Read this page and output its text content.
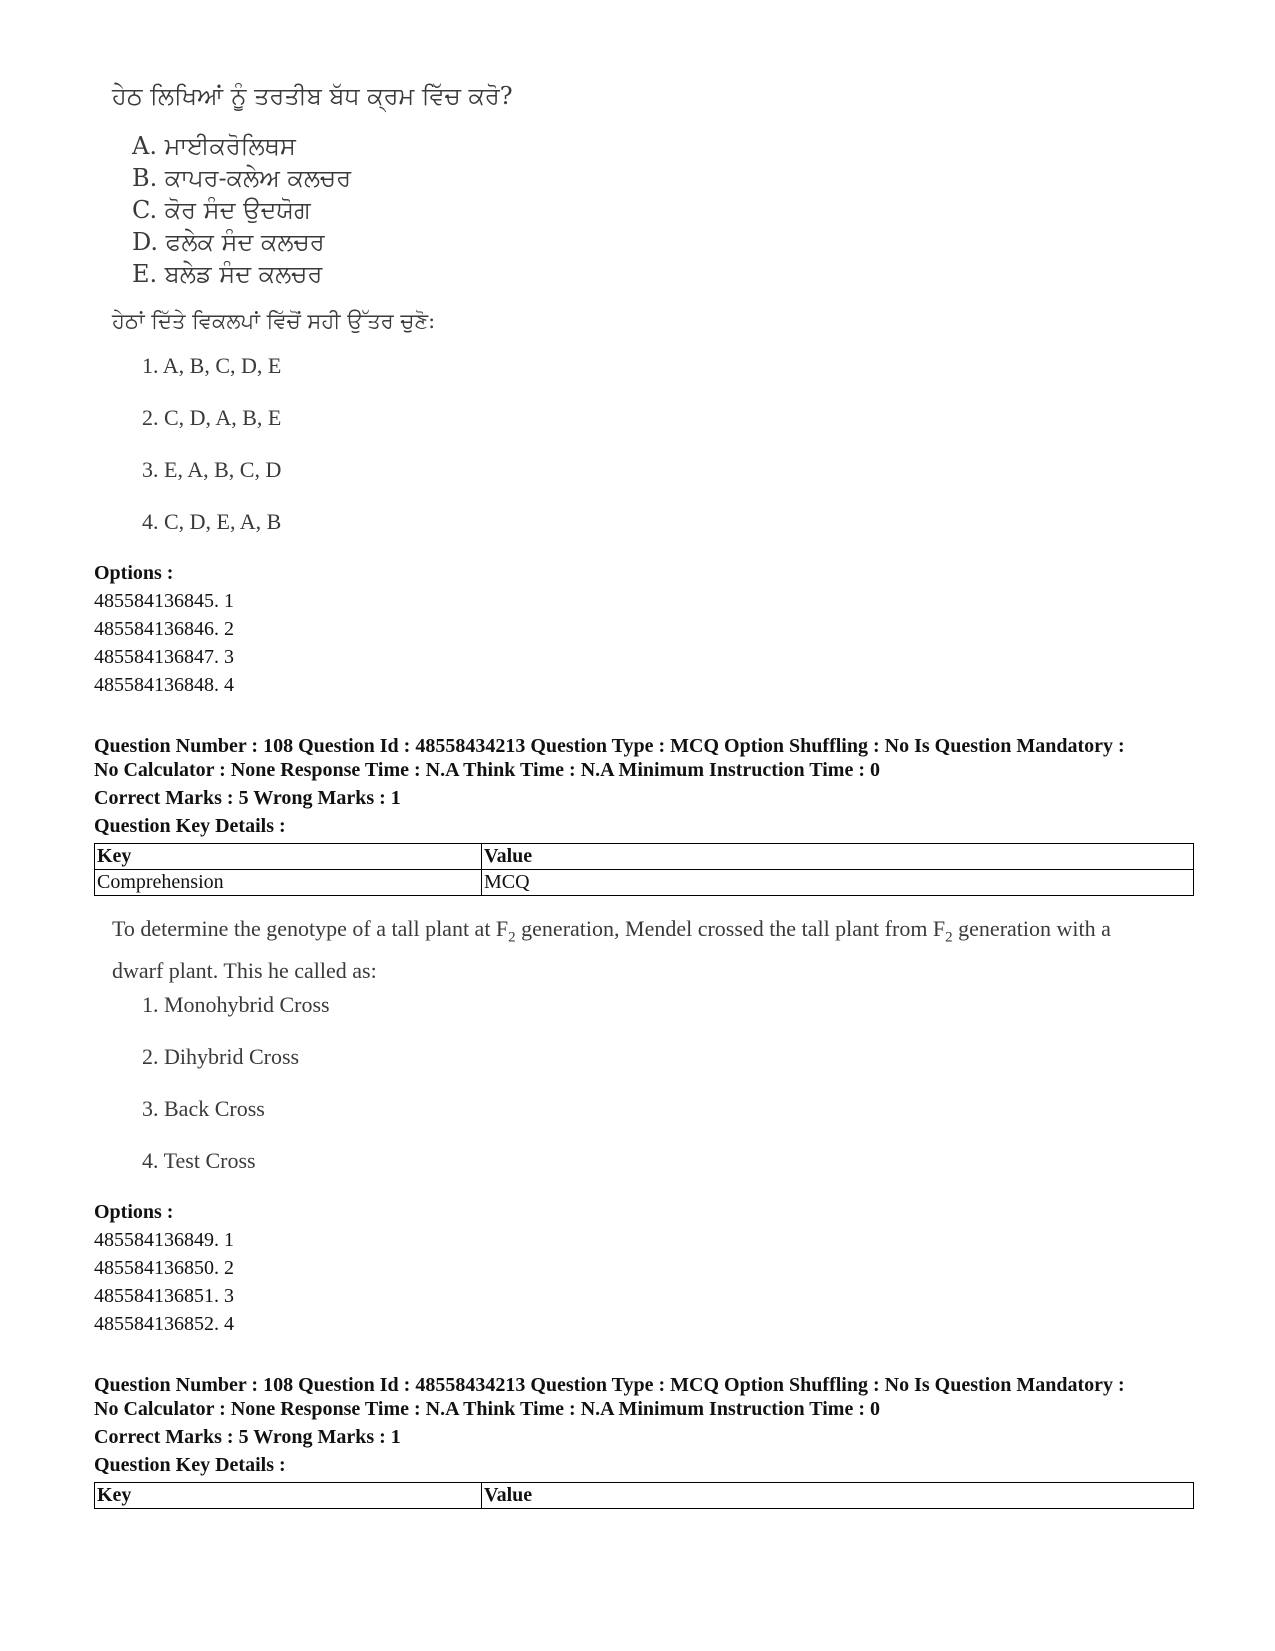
ਹੇਠ ਲਿਖਿਆਂ ਨੂੰ ਤਰਤੀਬ ਬੱਧ ਕ੍ਰਮ ਵਿੱਚ ਕਰੋ?
A. ਮਾਈਕਰੋਲਿਥਸ
B. ਕਾਪਰ-ਕਲੇਅ ਕਲਚਰ
C. ਕੋਰ ਸੰਦ ਉਦਯੋਗ
D. ਫਲੇਕ ਸੰਦ ਕਲਚਰ
E. ਬਲੇਡ ਸੰਦ ਕਲਚਰ
ਹੇਠਾਂ ਦਿੱਤੇ ਵਿਕਲਪਾਂ ਵਿੱਚੋਂ ਸਹੀ ਉੱਤਰ ਚੁਣੋ:
1. A, B, C, D, E
2. C, D, A, B, E
3. E, A, B, C, D
4. C, D, E, A, B
Options :
485584136845. 1
485584136846. 2
485584136847. 3
485584136848. 4
Question Number : 108 Question Id : 48558434213 Question Type : MCQ Option Shuffling : No Is Question Mandatory :
No Calculator : None Response Time : N.A Think Time : N.A Minimum Instruction Time : 0
Correct Marks : 5 Wrong Marks : 1
Question Key Details :
Key	Value
Comprehension	MCQ
To determine the genotype of a tall plant at $F_2$ generation, Mendel crossed the tall plant from $F_2$ generation with a dwarf plant. This he called as:
1. Monohybrid Cross
2. Dihybrid Cross
3. Back Cross
4. Test Cross
Options :
485584136849. 1
485584136850. 2
485584136851. 3
485584136852. 4
Question Number : 108 Question Id : 48558434213 Question Type : MCQ Option Shuffling : No Is Question Mandatory :
No Calculator : None Response Time : N.A Think Time : N.A Minimum Instruction Time : 0
Correct Marks : 5 Wrong Marks : 1
Question Key Details :
Key	Value
